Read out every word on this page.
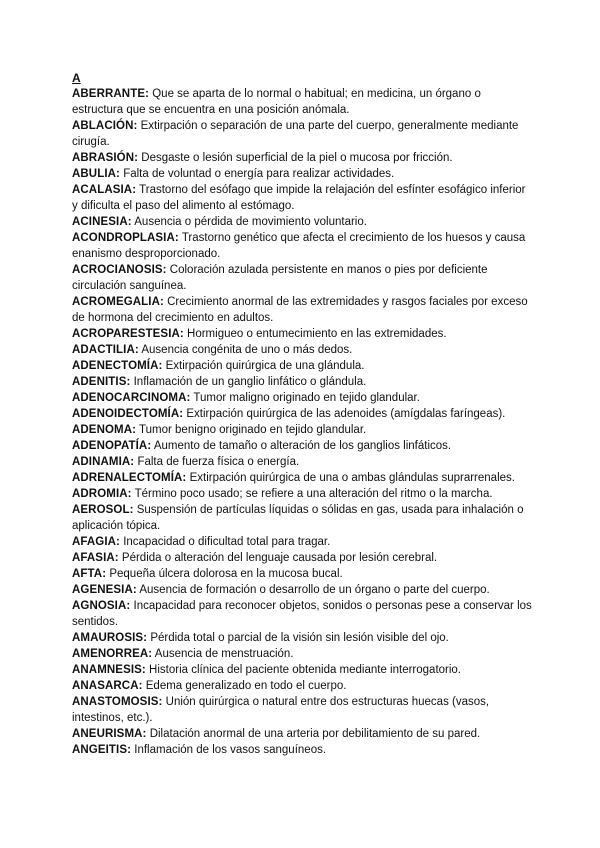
A

ABERRANTE: Que se aparta de lo normal o habitual; en medicina, un órgano o estructura que se encuentra en una posición anómala.

ABLACIÓN: Extirpación o separación de una parte del cuerpo, generalmente mediante cirugía.

ABRASIÓN: Desgaste o lesión superficial de la piel o mucosa por fricción.

ABULIA: Falta de voluntad o energía para realizar actividades.

ACALASIA: Trastorno del esófago que impide la relajación del esfínter esofágico inferior y dificulta el paso del alimento al estómago.

ACINESIA: Ausencia o pérdida de movimiento voluntario.

ACONDROPLASIA: Trastorno genético que afecta el crecimiento de los huesos y causa enanismo desproporcionado.

ACROCIANOSIS: Coloración azulada persistente en manos o pies por deficiente circulación sanguínea.

ACROMEGALIA: Crecimiento anormal de las extremidades y rasgos faciales por exceso de hormona del crecimiento en adultos.

ACROPARESTESIA: Hormigueo o entumecimiento en las extremidades.

ADACTILIA: Ausencia congénita de uno o más dedos.

ADENECTOMÍA: Extirpación quirúrgica de una glándula.

ADENITIS: Inflamación de un ganglio linfático o glándula.

ADENOCARCINOMA: Tumor maligno originado en tejido glandular.

ADENOIDECTOMÍA: Extirpación quirúrgica de las adenoides (amígdalas faríngeas).

ADENOMA: Tumor benigno originado en tejido glandular.

ADENOPATÍA: Aumento de tamaño o alteración de los ganglios linfáticos.

ADINAMIA: Falta de fuerza física o energía.

ADRENALECTOMÍA: Extirpación quirúrgica de una o ambas glándulas suprarrenales.

ADROMIA: Término poco usado; se refiere a una alteración del ritmo o la marcha.

AEROSOL: Suspensión de partículas líquidas o sólidas en gas, usada para inhalación o aplicación tópica.

AFAGIA: Incapacidad o dificultad total para tragar.

AFASIA: Pérdida o alteración del lenguaje causada por lesión cerebral.

AFTA: Pequeña úlcera dolorosa en la mucosa bucal.

AGENESIA: Ausencia de formación o desarrollo de un órgano o parte del cuerpo.

AGNOSIA: Incapacidad para reconocer objetos, sonidos o personas pese a conservar los sentidos.

AMAUROSIS: Pérdida total o parcial de la visión sin lesión visible del ojo.

AMENORREA: Ausencia de menstruación.

ANAMNESIS: Historia clínica del paciente obtenida mediante interrogatorio.

ANASARCA: Edema generalizado en todo el cuerpo.

ANASTOMOSIS: Unión quirúrgica o natural entre dos estructuras huecas (vasos, intestinos, etc.).

ANEURISMA: Dilatación anormal de una arteria por debilitamiento de su pared.

ANGEITIS: Inflamación de los vasos sanguíneos.
